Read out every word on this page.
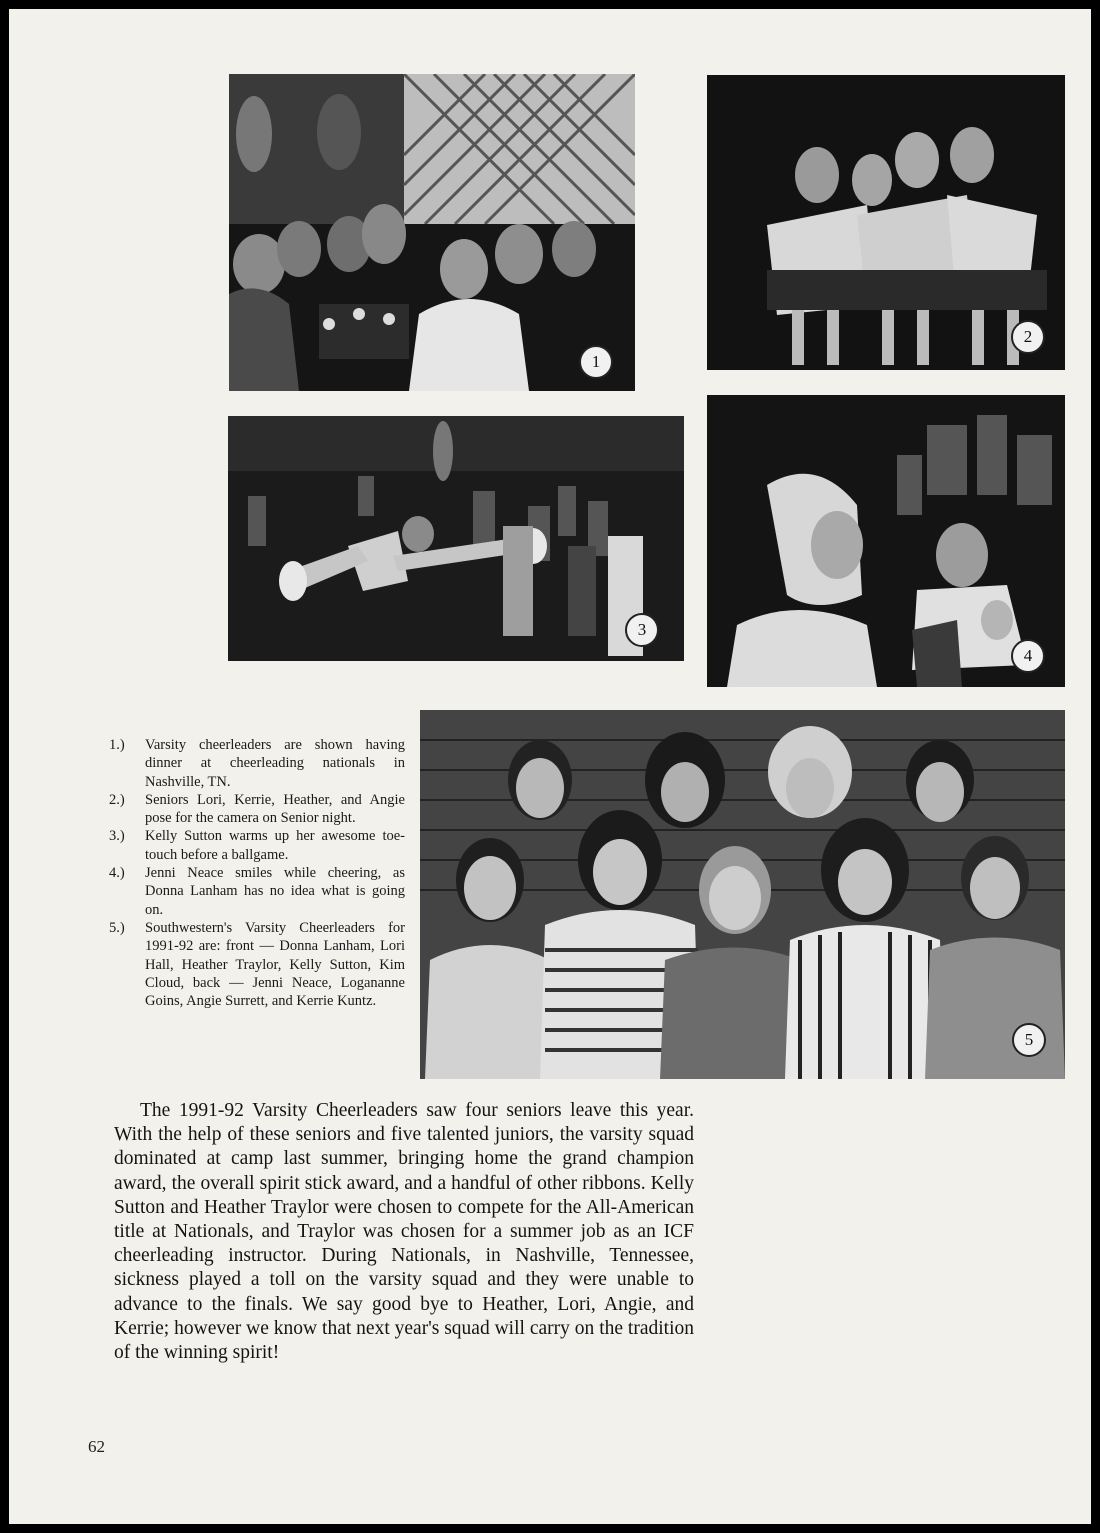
1
2
3
4
5
1.)	Varsity cheerleaders are shown having dinner at cheerleading nationals in Nashville, TN.
2.)	Seniors Lori, Kerrie, Heather, and Angie pose for the camera on Senior night.
3.)	Kelly Sutton warms up her awesome toe-touch before a ballgame.
4.)	Jenni Neace smiles while cheering, as Donna Lanham has no idea what is going on.
5.)	Southwestern's Varsity Cheerleaders for 1991-92 are: front — Donna Lanham, Lori Hall, Heather Traylor, Kelly Sutton, Kim Cloud, back — Jenni Neace, Logananne Goins, Angie Surrett, and Kerrie Kuntz.

The 1991-92 Varsity Cheerleaders saw four seniors leave this year. With the help of these seniors and five talented juniors, the varsity squad dominated at camp last summer, bringing home the grand champion award, the overall spirit stick award, and a handful of other ribbons. Kelly Sutton and Heather Traylor were chosen to compete for the All-American title at Nationals, and Traylor was chosen for a summer job as an ICF cheerleading instructor. During Nationals, in Nashville, Tennessee, sickness played a toll on the varsity squad and they were unable to advance to the finals. We say good bye to Heather, Lori, Angie, and Kerrie; however we know that next year's squad will carry on the tradition of the winning spirit!

62
